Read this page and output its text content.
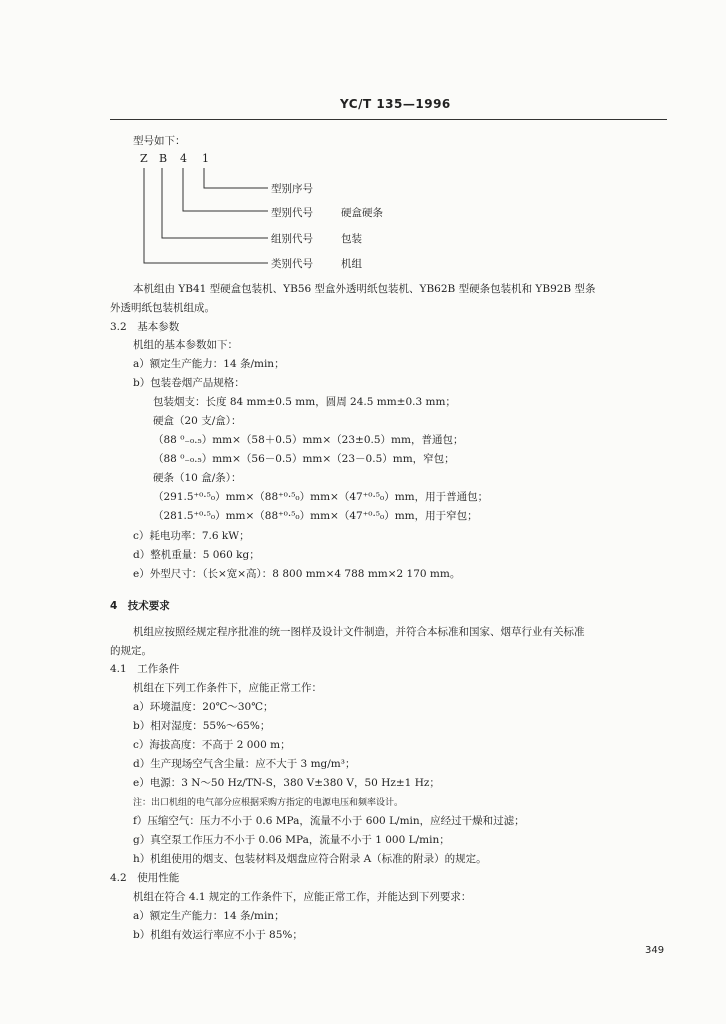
YC/T 135—1996
型号如下：
Z B 4 1
型别序号
型别代号	硬盒硬条
组别代号	包装
类别代号	机组
本机组由 YB41 型硬盒包装机、YB56 型盒外透明纸包装机、YB62B 型硬条包装机和 YB92B 型条
外透明纸包装机组成。
3.2　基本参数
机组的基本参数如下：
a）额定生产能力：14 条/min；
b）包装卷烟产品规格：
包装烟支：长度 84 mm±0.5 mm，圆周 24.5 mm±0.3 mm；
硬盒（20 支/盒）：
（88 ⁰₋₀.₅）mm×（58＋0.5）mm×（23±0.5）mm，普通包；
（88 ⁰₋₀.₅）mm×（56－0.5）mm×（23－0.5）mm，窄包；
硬条（10 盒/条）：
（291.5⁺⁰·⁵₀）mm×（88⁺⁰·⁵₀）mm×（47⁺⁰·⁵₀）mm，用于普通包；
（281.5⁺⁰·⁵₀）mm×（88⁺⁰·⁵₀）mm×（47⁺⁰·⁵₀）mm，用于窄包；
c）耗电功率：7.6 kW；
d）整机重量：5 060 kg；
e）外型尺寸：（长×宽×高）：8 800 mm×4 788 mm×2 170 mm。
4　技术要求
机组应按照经规定程序批准的统一图样及设计文件制造，并符合本标准和国家、烟草行业有关标准
的规定。
4.1　工作条件
机组在下列工作条件下，应能正常工作：
a）环境温度：20℃～30℃；
b）相对湿度：55%～65%；
c）海拔高度：不高于 2 000 m；
d）生产现场空气含尘量：应不大于 3 mg/m³；
e）电源：3 N～50 Hz/TN-S，380 V±380 V，50 Hz±1 Hz；
注：出口机组的电气部分应根据采购方指定的电源电压和频率设计。
f）压缩空气：压力不小于 0.6 MPa，流量不小于 600 L/min，应经过干燥和过滤；
g）真空泵工作压力不小于 0.06 MPa，流量不小于 1 000 L/min；
h）机组使用的烟支、包装材料及烟盘应符合附录 A（标准的附录）的规定。
4.2　使用性能
机组在符合 4.1 规定的工作条件下，应能正常工作，并能达到下列要求：
a）额定生产能力：14 条/min；
b）机组有效运行率应不小于 85%；
349
